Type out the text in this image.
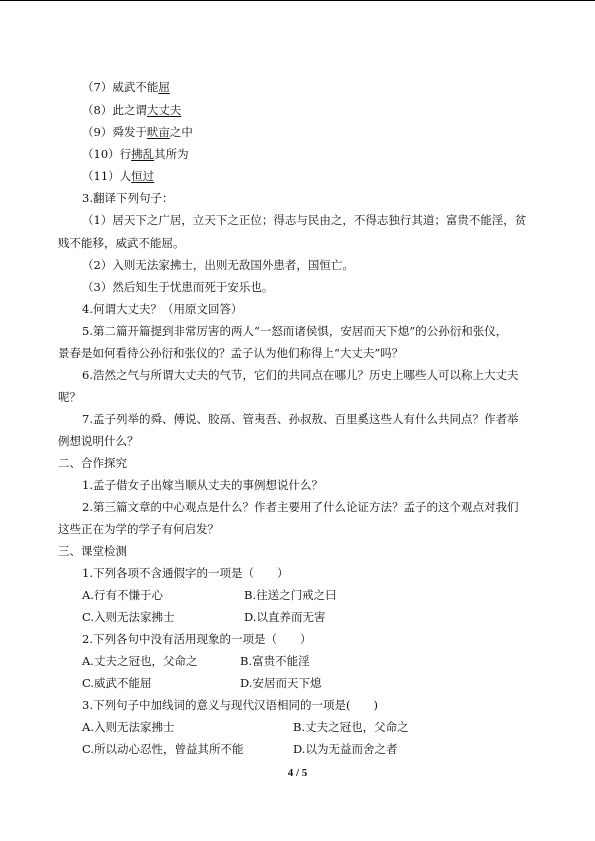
（7）威武不能屈
（8）此之谓大丈夫
（9）舜发于畎亩之中
（10）行拂乱其所为
（11）人恒过
3.翻译下列句子：
（1）居天下之广居，立天下之正位；得志与民由之，不得志独行其道；富贵不能淫，贫
贱不能移，威武不能屈。
（2）入则无法家拂士，出则无敌国外患者，国恒亡。
（3）然后知生于忧患而死于安乐也。
4.何谓大丈夫？（用原文回答）
5.第二篇开篇提到非常厉害的两人“一怒而诸侯惧，安居而天下熄”的公孙衍和张仪，
景春是如何看待公孙衍和张仪的？孟子认为他们称得上“大丈夫”吗？
6.浩然之气与所谓大丈夫的气节，它们的共同点在哪儿？历史上哪些人可以称上大丈夫
呢？
7.孟子列举的舜、傅说、胶鬲、管夷吾、孙叔敖、百里奚这些人有什么共同点？作者举
例想说明什么？
二、合作探究
1.孟子借女子出嫁当顺从丈夫的事例想说什么？
2.第三篇文章的中心观点是什么？作者主要用了什么论证方法？孟子的这个观点对我们
这些正在为学的学子有何启发？
三、课堂检测
1.下列各项不含通假字的一项是（　　）
A.行有不慊于心	B.往送之门戒之曰
C.入则无法家拂士	D.以直养而无害
2.下列各句中没有活用现象的一项是（　　）
A.丈夫之冠也，父命之	B.富贵不能淫
C.威武不能屈	D.安居而天下熄
3.下列句子中加线词的意义与现代汉语相同的一项是(　　)
A.入则无法家拂士	B.丈夫之冠也，父命之
C.所以动心忍性，曾益其所不能	D.以为无益而舍之者
4 / 5
